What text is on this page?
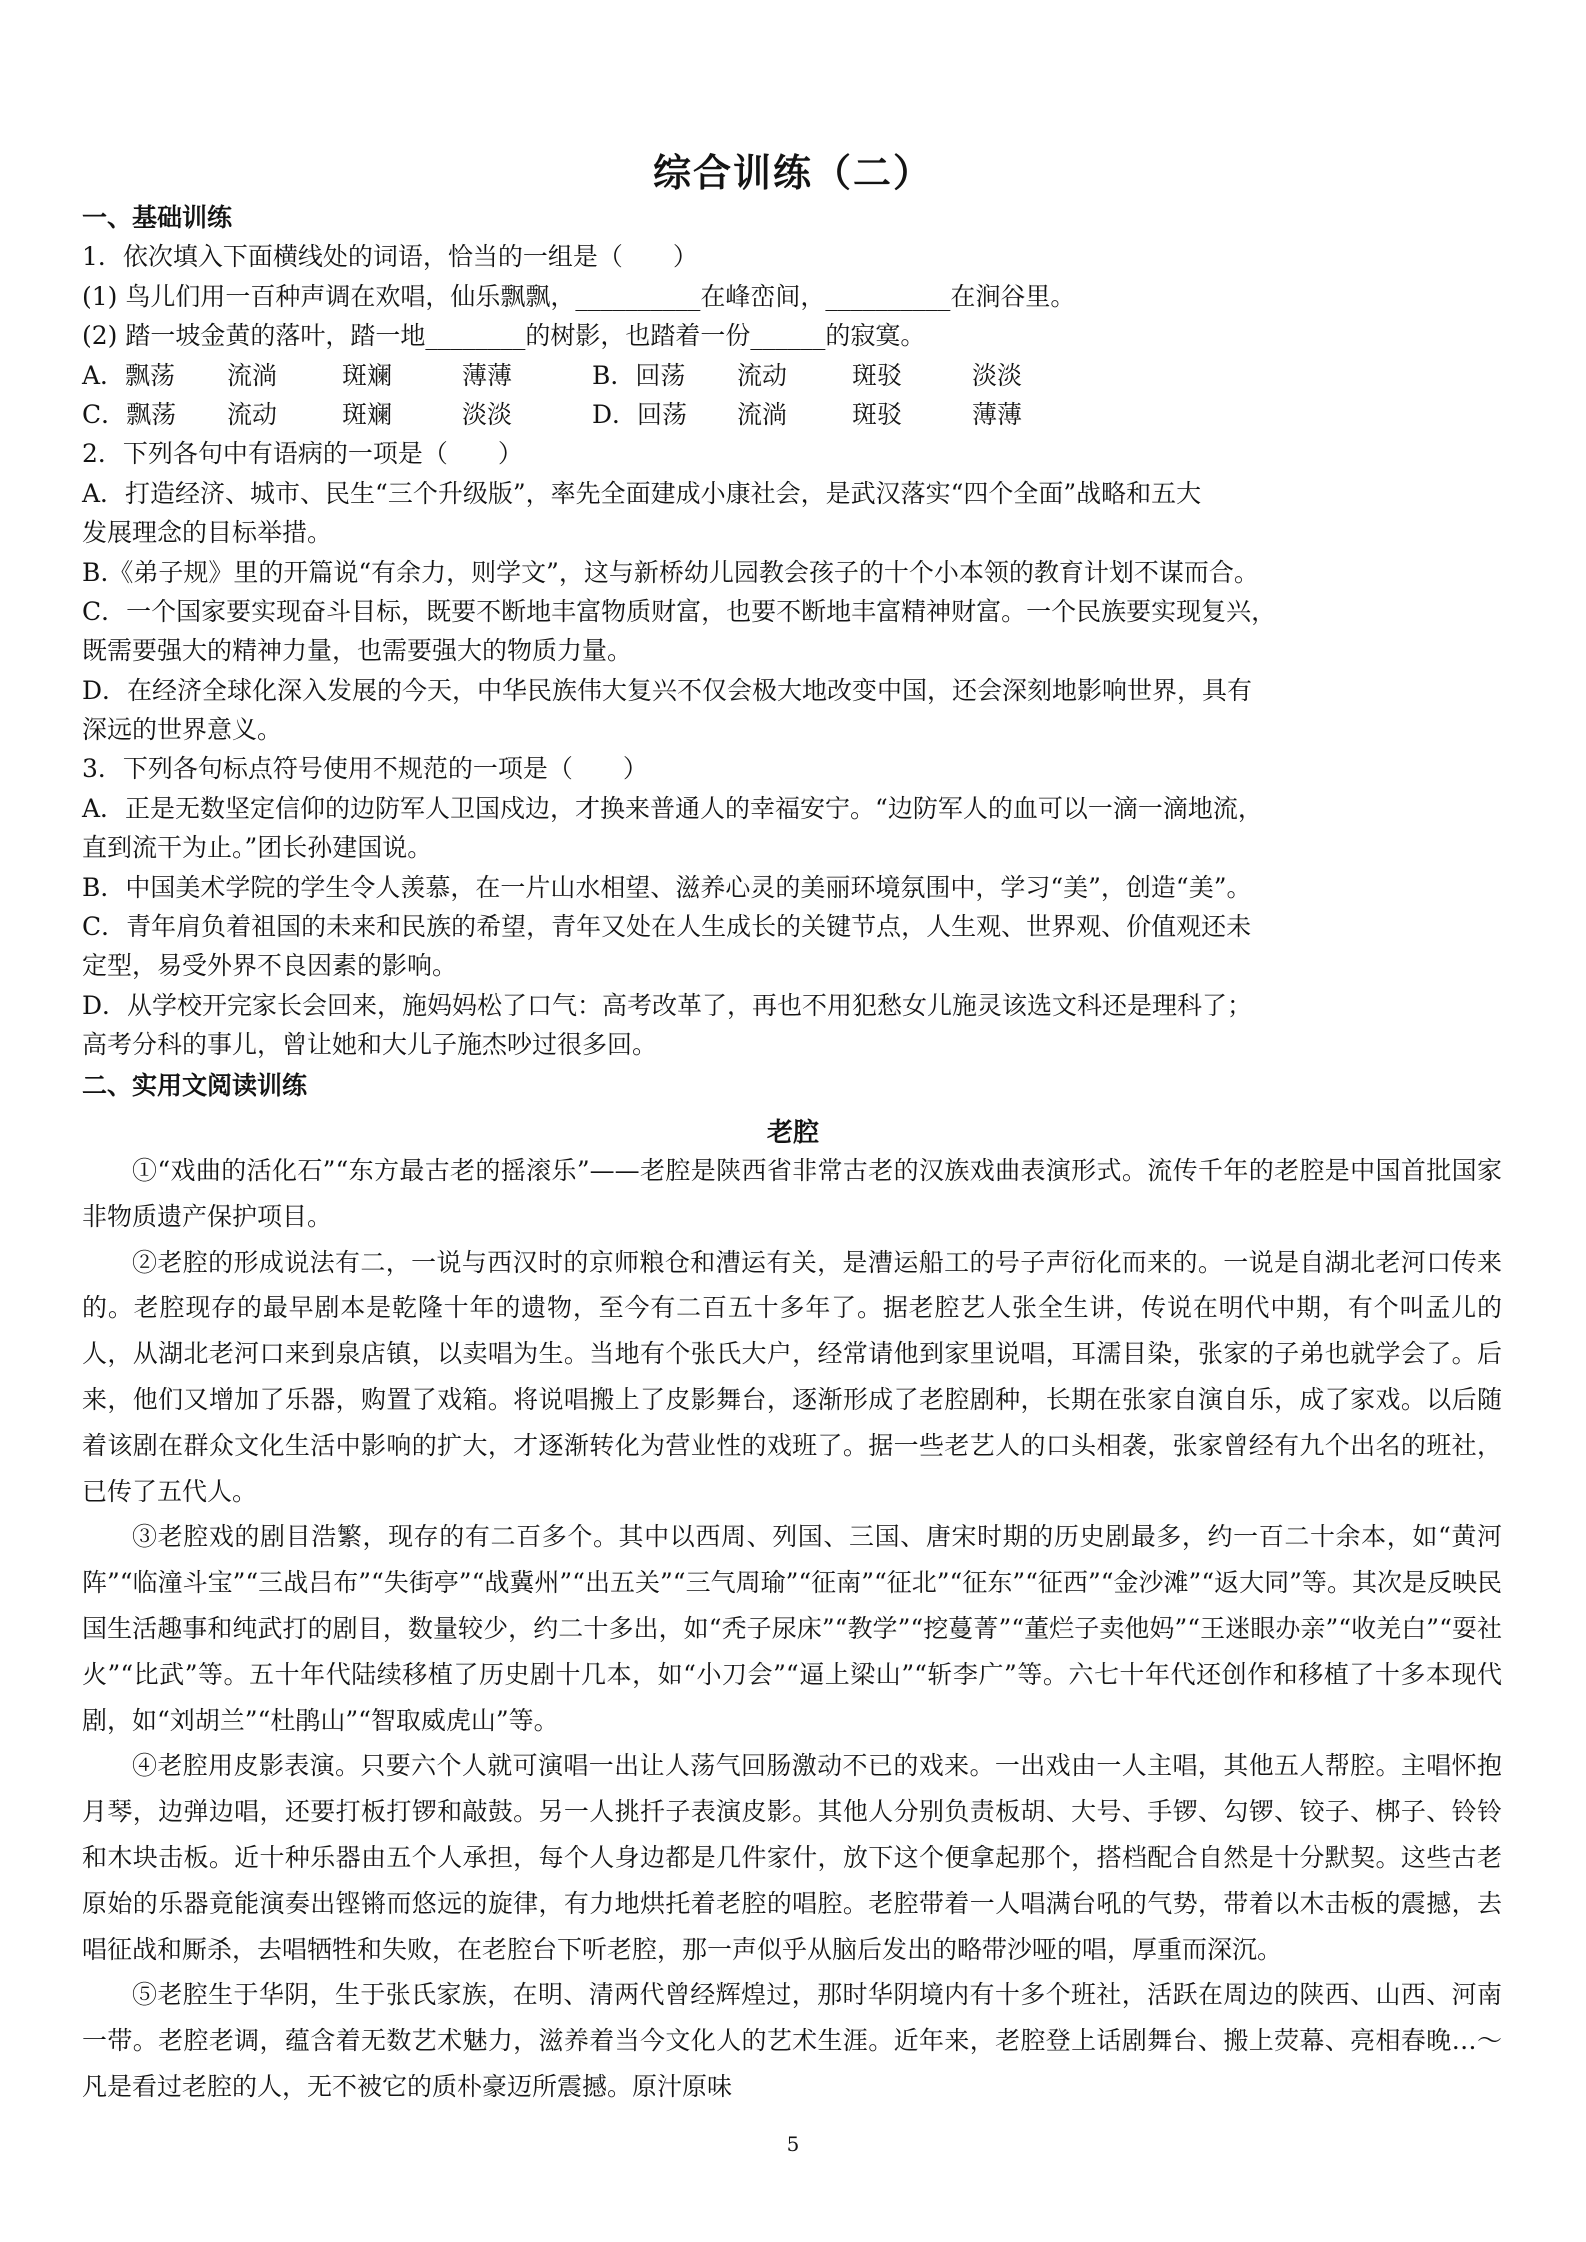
综合训练（二）
一、基础训练
1．依次填入下面横线处的词语，恰当的一组是（　　）
(1) 鸟儿们用一百种声调在欢唱，仙乐飘飘，__________在峰峦间，__________在涧谷里。
(2) 踏一坡金黄的落叶，踏一地________的树影，也踏着一份______的寂寞。
A．飘荡	流淌	斑斓	薄薄	B．回荡	流动	斑驳	淡淡
C．飘荡	流动	斑斓	淡淡	D．回荡	流淌	斑驳	薄薄
2．下列各句中有语病的一项是（　　）
A．打造经济、城市、民生“三个升级版”，率先全面建成小康社会，是武汉落实“四个全面”战略和五大
发展理念的目标举措。
B.《弟子规》里的开篇说“有余力，则学文”，这与新桥幼儿园教会孩子的十个小本领的教育计划不谋而合。
C．一个国家要实现奋斗目标，既要不断地丰富物质财富，也要不断地丰富精神财富。一个民族要实现复兴，
既需要强大的精神力量，也需要强大的物质力量。
D．在经济全球化深入发展的今天，中华民族伟大复兴不仅会极大地改变中国，还会深刻地影响世界，具有
深远的世界意义。
3．下列各句标点符号使用不规范的一项是（　　）
A．正是无数坚定信仰的边防军人卫国戍边，才换来普通人的幸福安宁。“边防军人的血可以一滴一滴地流，
直到流干为止。”团长孙建国说。
B．中国美术学院的学生令人羡慕，在一片山水相望、滋养心灵的美丽环境氛围中，学习“美”，创造“美”。
C．青年肩负着祖国的未来和民族的希望，青年又处在人生成长的关键节点，人生观、世界观、价值观还未
定型，易受外界不良因素的影响。
D．从学校开完家长会回来，施妈妈松了口气：高考改革了，再也不用犯愁女儿施灵该选文科还是理科了；
高考分科的事儿，曾让她和大儿子施杰吵过很多回。
二、实用文阅读训练
老腔

①“戏曲的活化石”“东方最古老的摇滚乐”——老腔是陕西省非常古老的汉族戏曲表演形式。流传千年的老腔是中国首批国家非物质遗产保护项目。

②老腔的形成说法有二，一说与西汉时的京师粮仓和漕运有关，是漕运船工的号子声衍化而来的。一说是自湖北老河口传来的。老腔现存的最早剧本是乾隆十年的遗物，至今有二百五十多年了。据老腔艺人张全生讲，传说在明代中期，有个叫孟儿的人，从湖北老河口来到泉店镇，以卖唱为生。当地有个张氏大户，经常请他到家里说唱，耳濡目染，张家的子弟也就学会了。后来，他们又增加了乐器，购置了戏箱。将说唱搬上了皮影舞台，逐渐形成了老腔剧种，长期在张家自演自乐，成了家戏。以后随着该剧在群众文化生活中影响的扩大，才逐渐转化为营业性的戏班了。据一些老艺人的口头相袭，张家曾经有九个出名的班社，已传了五代人。

③老腔戏的剧目浩繁，现存的有二百多个。其中以西周、列国、三国、唐宋时期的历史剧最多，约一百二十余本，如“黄河阵”“临潼斗宝”“三战吕布”“失街亭”“战冀州”“出五关”“三气周瑜”“征南”“征北”“征东”“征西”“金沙滩”“返大同”等。其次是反映民国生活趣事和纯武打的剧目，数量较少，约二十多出，如“秃子尿床”“教学”“挖蔓菁”“董烂子卖他妈”“王迷眼办亲”“收羌白”“耍社火”“比武”等。五十年代陆续移植了历史剧十几本，如“小刀会”“逼上梁山”“斩李广”等。六七十年代还创作和移植了十多本现代剧，如“刘胡兰”“杜鹃山”“智取威虎山”等。

④老腔用皮影表演。只要六个人就可演唱一出让人荡气回肠激动不已的戏来。一出戏由一人主唱，其他五人帮腔。主唱怀抱月琴，边弹边唱，还要打板打锣和敲鼓。另一人挑扦子表演皮影。其他人分别负责板胡、大号、手锣、勾锣、铰子、梆子、铃铃和木块击板。近十种乐器由五个人承担，每个人身边都是几件家什，放下这个便拿起那个，搭档配合自然是十分默契。这些古老原始的乐器竟能演奏出铿锵而悠远的旋律，有力地烘托着老腔的唱腔。老腔带着一人唱满台吼的气势，带着以木击板的震撼，去唱征战和厮杀，去唱牺牲和失败，在老腔台下听老腔，那一声似乎从脑后发出的略带沙哑的唱，厚重而深沉。

⑤老腔生于华阴，生于张氏家族，在明、清两代曾经辉煌过，那时华阴境内有十多个班社，活跃在周边的陕西、山西、河南一带。老腔老调，蕴含着无数艺术魅力，滋养着当今文化人的艺术生涯。近年来，老腔登上话剧舞台、搬上荧幕、亮相春晚…～凡是看过老腔的人，无不被它的质朴豪迈所震撼。原汁原味

5
